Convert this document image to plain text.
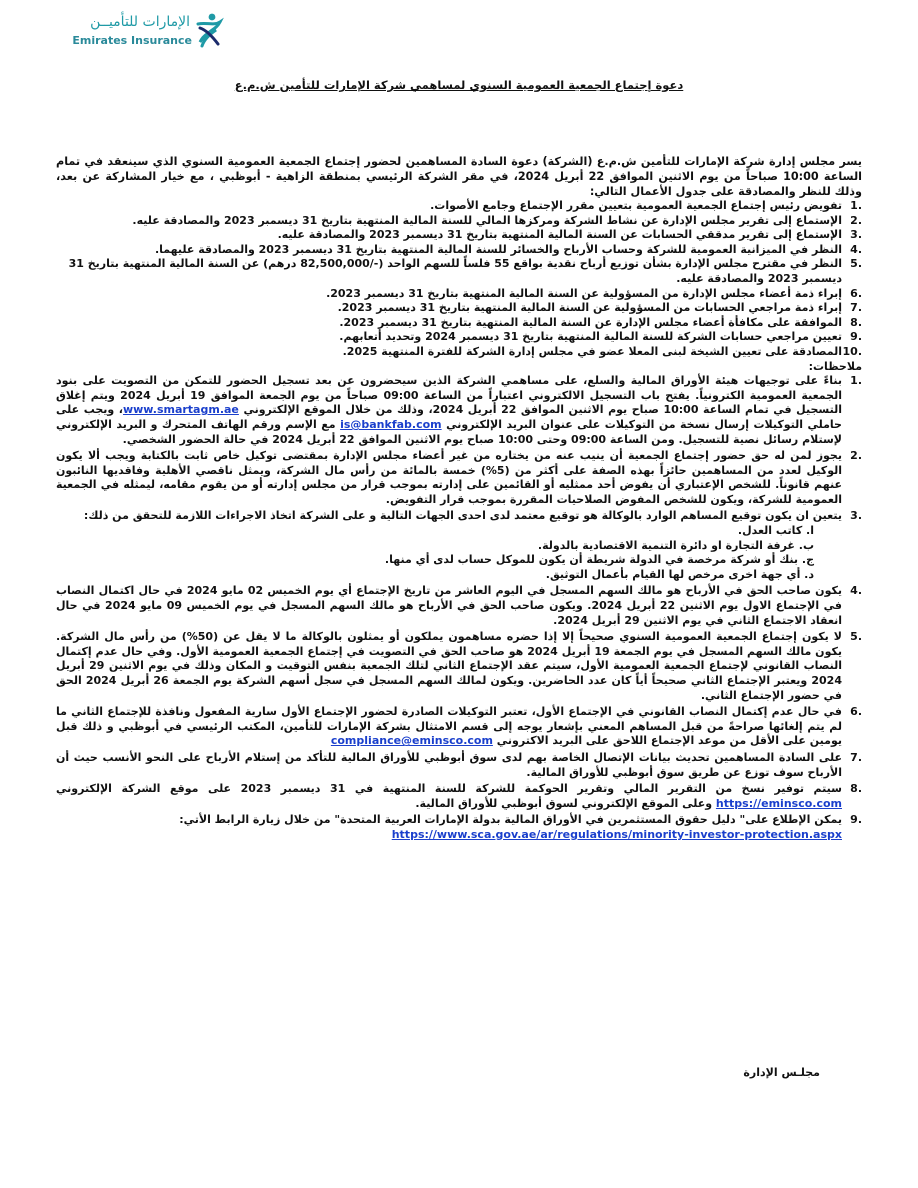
الإمارات للتأميــن
Emirates Insurance
دعوة إجتماع الجمعية العمومية السنوي لمساهمي شركة الإمارات للتأمين ش.م.ع

يسر مجلس إدارة شركة الإمارات للتأمين ش.م.ع (الشركة) دعوة السادة المساهمين لحضور إجتماع الجمعية العمومية السنوي الذي سينعقد في تمام الساعة 10:00 صباحاً من يوم الاثنين الموافق 22 أبريل 2024، في مقر الشركة الرئيسي بمنطقة الزاهية - أبوظبي ، مع خيار المشاركة عن بعد، وذلك للنظر والمصادقة على جدول الأعمال التالي:

.1
تفويض رئيس إجتماع الجمعية العمومية بتعيين مقرر الإجتماع وجامع الأصوات.
.2
الإستماع إلى تقرير مجلس الإدارة عن نشاط الشركة ومركزها المالي للسنة المالية المنتهية بتاريخ 31 ديسمبر 2023 والمصادقة عليه.
.3
الإستماع إلى تقرير مدققي الحسابات عن السنة المالية المنتهية بتاريخ 31 ديسمبر 2023 والمصادقة عليه.
.4
النظر في الميزانية العمومية للشركة وحساب الأرباح والخسائر للسنة المالية المنتهية بتاريخ 31 ديسمبر 2023 والمصادقة عليهما.
.5
النظر في مقترح مجلس الإدارة بشأن توزيع أرباح نقدية بواقع 55 فلساً للسهم الواحد (-/82,500,000 درهم) عن السنة المالية المنتهية بتاريخ 31 ديسمبر 2023 والمصادقة عليه.
.6
إبراء ذمة أعضاء مجلس الإدارة من المسؤولية عن السنة المالية المنتهية بتاريخ 31 ديسمبر 2023.
.7
إبراء ذمة مراجعي الحسابات من المسؤولية عن السنة المالية المنتهية بتاريخ 31 ديسمبر 2023.
.8
الموافقة على مكافأة أعضاء مجلس الإدارة عن السنة المالية المنتهية بتاريخ 31 ديسمبر 2023.
.9
تعيين مراجعي حسابات الشركة للسنة المالية المنتهية بتاريخ 31 ديسمبر 2024 وتحديد أتعابهم.
.10
المصادقة على تعيين الشيخة لبنى المعلا عضو في مجلس إدارة الشركة للفترة المنتهية 2025.

ملاحظات:

.1
بناءً على توجيهات هيئة الأوراق المالية والسلع، على مساهمي الشركة الذين سيحضرون عن بعد تسجيل الحضور للتمكن من التصويت على بنود الجمعية العمومية الكترونياً. يفتح باب التسجيل الالكتروني اعتباراً من الساعة 09:00 صباحاً من يوم الجمعة الموافق 19 أبريل 2024 ويتم إغلاق التسجيل في تمام الساعة 10:00 صباح يوم الاثنين الموافق 22 أبريل 2024، وذلك من خلال الموقع الإلكتروني www.smartagm.ae، ويجب على حاملي التوكيلات إرسال نسخة من التوكيلات على عنوان البريد الإلكتروني is@bankfab.com مع الإسم ورقم الهاتف المتحرك و البريد الإلكتروني لإستلام رسائل نصية للتسجيل. ومن الساعة 09:00 وحتى 10:00 صباح يوم الاثنين الموافق 22 أبريل 2024 في حالة الحضور الشخصي.
.2
يجوز لمن له حق حضور إجتماع الجمعية أن ينيب عنه من يختاره من غير أعضاء مجلس الإدارة بمقتضى توكيل خاص ثابت بالكتابة ويجب ألا يكون الوكيل لعدد من المساهمين حائزاً بهذه الصفة على أكثر من (5%) خمسة بالمائة من رأس مال الشركة، ويمثل ناقصي الأهلية وفاقديها النائبون عنهم قانوناً. للشخص الإعتباري أن يفوض أحد ممثليه أو القائمين على إدارته بموجب قرار من مجلس إدارته أو من يقوم مقامه، ليمثله في الجمعية العمومية للشركة، ويكون للشخص المفوض الصلاحيات المقررة بموجب قرار التفويض.
.3
يتعين ان يكون توقيع المساهم الوارد بالوكالة هو توقيع معتمد لدى احدى الجهات التالية و على الشركة اتخاذ الاجراءات اللازمة للتحقق من ذلك:
ا. كاتب العدل.
ب. غرفة التجارة او دائرة التنمية الاقتصادية بالدولة.
ج. بنك أو شركة مرخصة في الدولة شريطة أن يكون للموكل حساب لدى أي منها.
د. أي جهة اخرى مرخص لها القيام بأعمال التوثيق.
.4
يكون صاحب الحق في الأرباح هو مالك السهم المسجل في اليوم العاشر من تاريخ الإجتماع أي يوم الخميس 02 مايو 2024 في حال اكتمال النصاب في الإجتماع الاول يوم الاثنين 22 أبريل 2024. ويكون صاحب الحق في الأرباح هو مالك السهم المسجل في يوم الخميس 09 مايو 2024 في حال انعقاد الاجتماع الثاني في يوم الاثنين 29 أبريل 2024.
.5
لا يكون إجتماع الجمعية العمومية السنوي صحيحاً إلا إذا حضره مساهمون يملكون أو يمثلون بالوكالة ما لا يقل عن (50%) من رأس مال الشركة. يكون مالك السهم المسجل في يوم الجمعة 19 أبريل 2024 هو صاحب الحق في التصويت في إجتماع الجمعية العمومية الأول. وفي حال عدم إكتمال النصاب القانوني لإجتماع الجمعية العمومية الأول، سيتم عقد الإجتماع الثاني لتلك الجمعية بنفس التوقيت و المكان وذلك في يوم الاثنين 29 أبريل 2024 ويعتبر الإجتماع الثاني صحيحاً أياً كان عدد الحاضرين. ويكون لمالك السهم المسجل في سجل أسهم الشركة يوم الجمعة 26 أبريل 2024 الحق في حضور الإجتماع الثاني.
.6
في حال عدم إكتمال النصاب القانوني في الإجتماع الأول، تعتبر التوكيلات الصادرة لحضور الإجتماع الأول سارية المفعول ونافذة للإجتماع الثاني ما لم يتم إلغائها صراحةً من قبل المساهم المعني بإشعار يوجه إلى قسم الامتثال بشركة الإمارات للتأمين، المكتب الرئيسي في أبوظبي و ذلك قبل يومين على الأقل من موعد الإجتماع اللاحق على البريد الاكتروني compliance@eminsco.com
.7
على السادة المساهمين تحديث بيانات الإتصال الخاصة بهم لدى سوق أبوظبي للأوراق المالية للتأكد من إستلام الأرباح على النحو الأنسب حيث أن الأرباح سوف توزع عن طريق سوق أبوظبي للأوراق المالية.
.8
سيتم توفير نسخ من التقرير المالي وتقرير الحوكمة للشركة للسنة المنتهية في 31 ديسمبر 2023 على موقع الشركة الإلكتروني https://eminsco.com وعلى الموقع الإلكتروني لسوق أبوظبي للأوراق المالية.
.9
يمكن الإطلاع على" دليل حقوق المستثمرين في الأوراق المالية بدولة الإمارات العربية المتحدة" من خلال زيارة الرابط الأتي:
https://www.sca.gov.ae/ar/regulations/minority-investor-protection.aspx
مجلـس الإدارة
